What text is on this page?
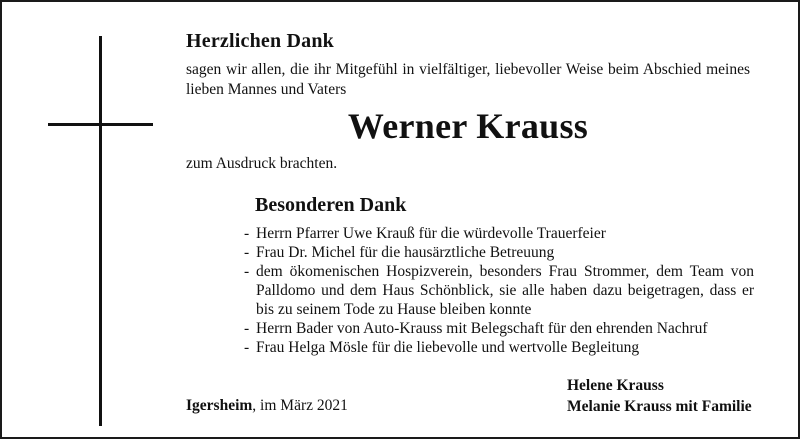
Herzlichen Dank
sagen wir allen, die ihr Mitgefühl in vielfältiger, liebevoller Weise beim Abschied meines lieben Mannes und Vaters
Werner Krauss
zum Ausdruck brachten.
Besonderen Dank
- Herrn Pfarrer Uwe Krauß für die würdevolle Trauerfeier
- Frau Dr. Michel für die hausärztliche Betreuung
- dem ökomenischen Hospizverein, besonders Frau Strommer, dem Team von Palldomo und dem Haus Schönblick, sie alle haben dazu beigetragen, dass er bis zu seinem Tode zu Hause bleiben konnte
- Herrn Bader von Auto-Krauss mit Belegschaft für den ehrenden Nachruf
- Frau Helga Mösle für die liebevolle und wertvolle Begleitung
Igersheim, im März 2021
Helene Krauss
Melanie Krauss mit Familie
